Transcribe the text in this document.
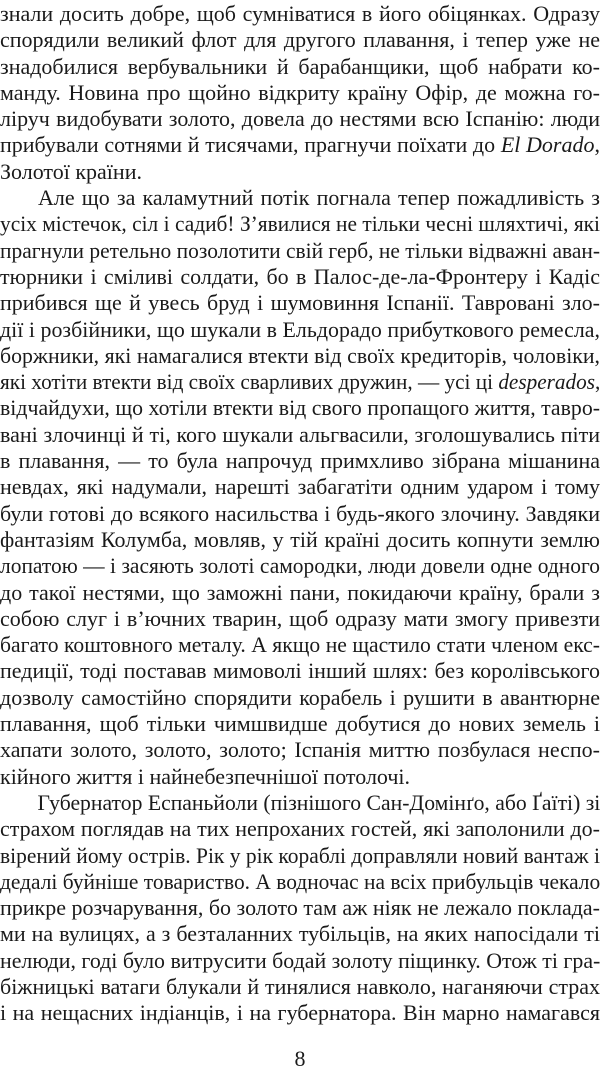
знали досить добре, щоб сумніватися в його обіцянках. Одразу
спорядили великий флот для другого плавання, і тепер уже не
знадобилися вербувальники й барабанщики, щоб набрати ко-
манду. Новина про щойно відкриту країну Офір, де можна го-
ліруч видобувати золото, довела до нестями всю Іспанію: люди
прибували сотнями й тисячами, прагнучи поїхати до El Dorado,
Золотої країни.
Але що за каламутний потік погнала тепер пожадливість з
усіх містечок, сіл і садиб! З’явилися не тільки чесні шляхтичі, які
прагнули ретельно позолотити свій герб, не тільки відважні аван-
тюрники і сміливі солдати, бо в Палос-де-ла-Фронтеру і Кадіс
прибився ще й увесь бруд і шумовиння Іспанії. Тавровані зло-
дії і розбійники, що шукали в Ельдорадо прибуткового ремесла,
боржники, які намагалися втекти від своїх кредиторів, чоловіки,
які хотіти втекти від своїх сварливих дружин, — усі ці desperados,
відчайдухи, що хотіли втекти від свого пропащого життя, тавро-
вані злочинці й ті, кого шукали альгвасили, зголошувались піти
в плавання, — то була напрочуд примхливо зібрана мішанина
невдах, які надумали, нарешті забагатіти одним ударом і тому
були готові до всякого насильства і будь-якого злочину. Завдяки
фантазіям Колумба, мовляв, у тій країні досить копнути землю
лопатою — і засяють золоті самородки, люди довели одне одного
до такої нестями, що заможні пани, покидаючи країну, брали з
собою слуг і в’ючних тварин, щоб одразу мати змогу привезти
багато коштовного металу. А якщо не щастило стати членом екс-
педиції, тоді поставав мимоволі інший шлях: без королівського
дозволу самостійно спорядити корабель і рушити в авантюрне
плавання, щоб тільки чимшвидше добутися до нових земель і
хапати золото, золото, золото; Іспанія миттю позбулася неспо-
кійного життя і найнебезпечнішої потолочі.
Губернатор Еспаньйоли (пізнішого Сан-Домінґо, або Ґаїті) зі
страхом поглядав на тих непроханих гостей, які заполонили до-
вірений йому острів. Рік у рік кораблі доправляли новий вантаж і
дедалі буйніше товариство. А водночас на всіх прибульців чекало
прикре розчарування, бо золото там аж ніяк не лежало поклада-
ми на вулицях, а з безталанних тубільців, на яких напосідали ті
нелюди, годі було витрусити бодай золоту піщинку. Отож ті гра-
біжницькі ватаги блукали й тинялися навколо, наганяючи страх
і на нещасних індіанців, і на губернатора. Він марно намагався
8
